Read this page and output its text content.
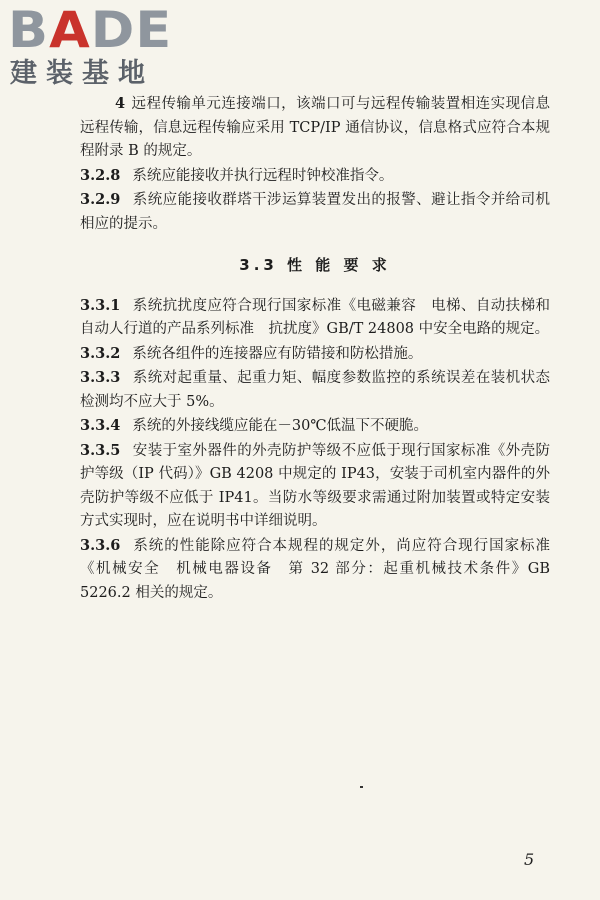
BADE
建装基地

4 远程传输单元连接端口，该端口可与远程传输装置相连实现信息远程传输，信息远程传输应采用 TCP/IP 通信协议，信息格式应符合本规程附录 B 的规定。

3.2.8 系统应能接收并执行远程时钟校准指令。

3.2.9 系统应能接收群塔干涉运算装置发出的报警、避让指令并给司机相应的提示。

3.3 性 能 要 求

3.3.1 系统抗扰度应符合现行国家标准《电磁兼容　电梯、自动扶梯和自动人行道的产品系列标准　抗扰度》GB/T 24808 中安全电路的规定。

3.3.2 系统各组件的连接器应有防错接和防松措施。

3.3.3 系统对起重量、起重力矩、幅度参数监控的系统误差在装机状态检测均不应大于 5%。

3.3.4 系统的外接线缆应能在－30℃低温下不硬脆。

3.3.5 安装于室外器件的外壳防护等级不应低于现行国家标准《外壳防护等级（IP 代码）》GB 4208 中规定的 IP43，安装于司机室内器件的外壳防护等级不应低于 IP41。当防水等级要求需通过附加装置或特定安装方式实现时，应在说明书中详细说明。

3.3.6 系统的性能除应符合本规程的规定外，尚应符合现行国家标准《机械安全　机械电器设备　第 32 部分：起重机械技术条件》GB 5226.2 相关的规定。

5
